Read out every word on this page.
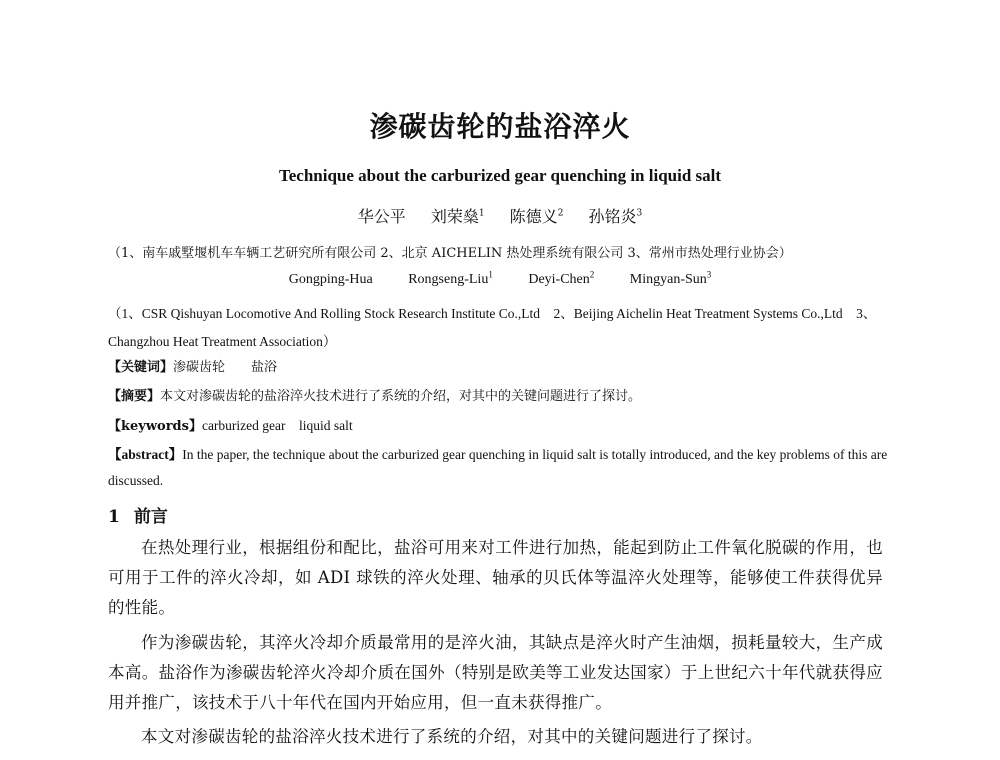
渗碳齿轮的盐浴淬火
Technique about the carburized gear quenching in liquid salt
华公平 刘荣燊$^1$ 陈德义$^2$ 孙铭炎$^3$
（1、南车戚墅堰机车车辆工艺研究所有限公司 2、北京 AICHELIN 热处理系统有限公司 3、常州市热处理行业协会）
Gongping-Hua	Rongseng-Liu$^1$	Deyi-Chen$^2$	Mingyan-Sun$^3$
（1、CSR Qishuyan Locomotive And Rolling Stock Research Institute Co.,Ltd　2、Beijing Aichelin Heat Treatment Systems Co.,Ltd　3、Changzhou Heat Treatment Association）
【关键词】渗碳齿轮　　盐浴
【摘要】本文对渗碳齿轮的盐浴淬火技术进行了系统的介绍，对其中的关键问题进行了探讨。
【keywords】carburized gear　liquid salt
【abstract】In the paper, the technique about the carburized gear quenching in liquid salt is totally introduced, and the key problems of this are discussed.
1 前言
在热处理行业，根据组份和配比，盐浴可用来对工件进行加热，能起到防止工件氧化脱碳的作用，也可用于工件的淬火冷却，如 ADI 球铁的淬火处理、轴承的贝氏体等温淬火处理等，能够使工件获得优异的性能。
作为渗碳齿轮，其淬火冷却介质最常用的是淬火油，其缺点是淬火时产生油烟，损耗量较大，生产成本高。盐浴作为渗碳齿轮淬火冷却介质在国外（特别是欧美等工业发达国家）于上世纪六十年代就获得应用并推广，该技术于八十年代在国内开始应用，但一直未获得推广。
本文对渗碳齿轮的盐浴淬火技术进行了系统的介绍，对其中的关键问题进行了探讨。
